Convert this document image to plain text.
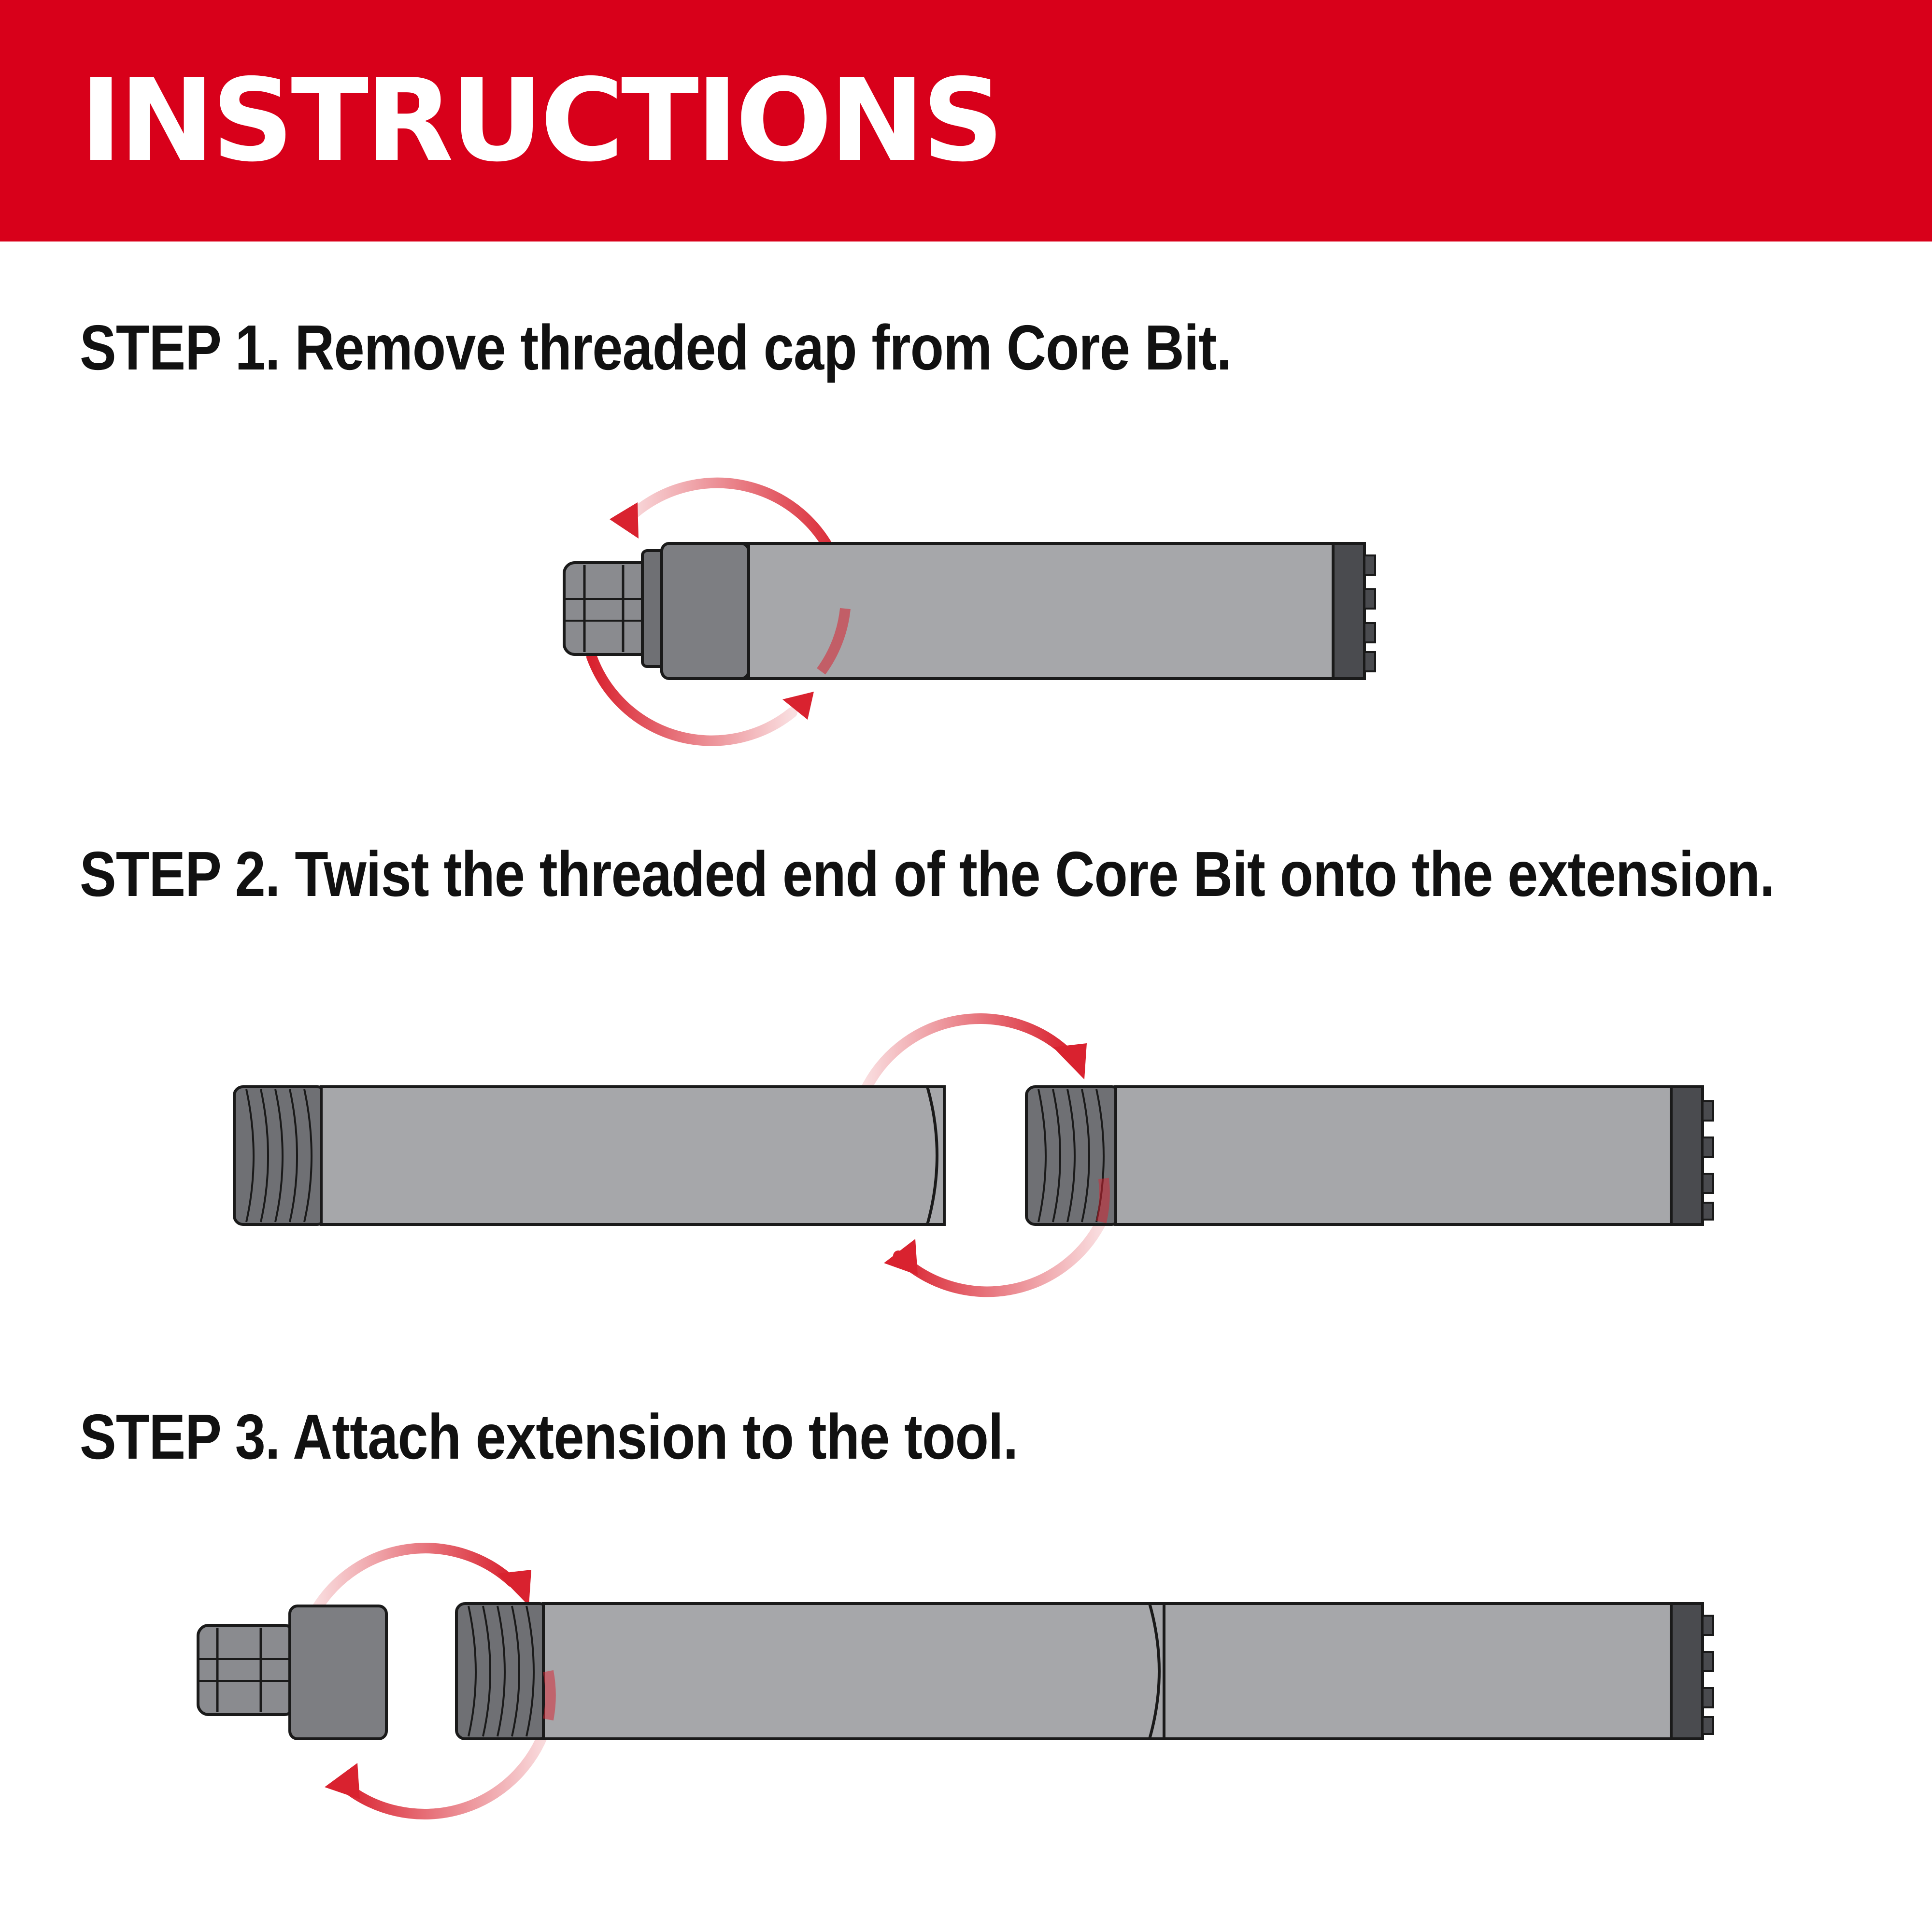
INSTRUCTIONS
STEP 1. Remove threaded cap from Core Bit.
STEP 2. Twist the threaded end of the Core Bit onto the extension.
STEP 3. Attach extension to the tool.
